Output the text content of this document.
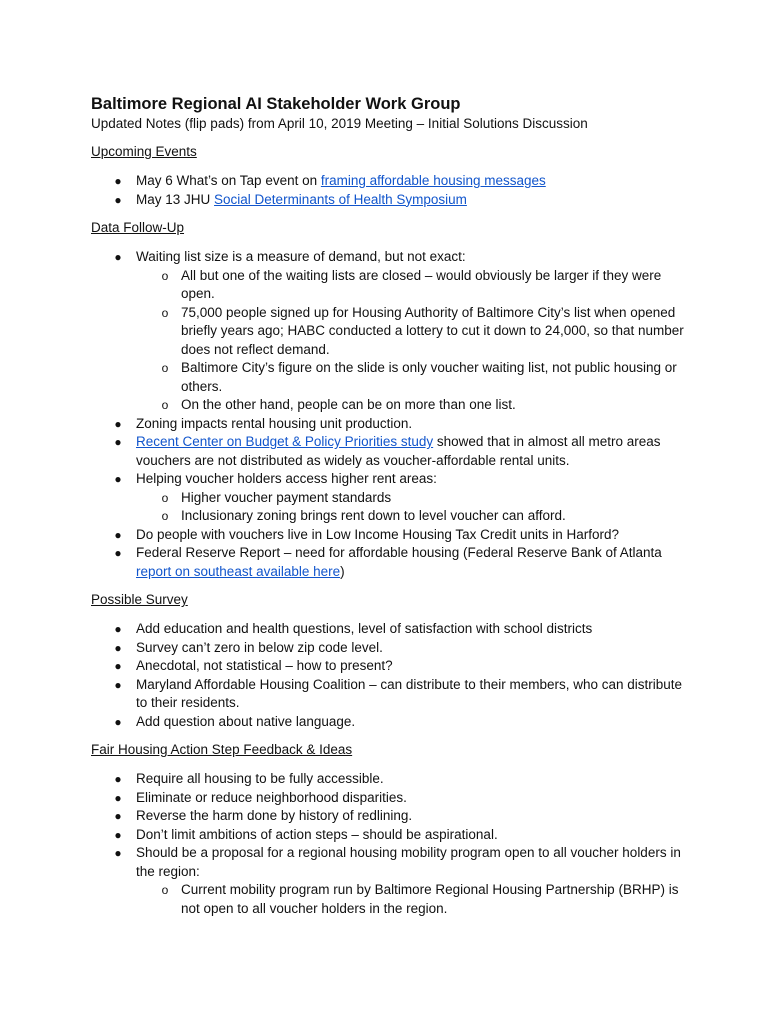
Baltimore Regional AI Stakeholder Work Group

Updated Notes (flip pads) from April 10, 2019 Meeting – Initial Solutions Discussion

Upcoming Events

● May 6 What’s on Tap event on framing affordable housing messages
● May 13 JHU Social Determinants of Health Symposium

Data Follow-Up

● Waiting list size is a measure of demand, but not exact:
o All but one of the waiting lists are closed – would obviously be larger if they were open.
o 75,000 people signed up for Housing Authority of Baltimore City’s list when opened briefly years ago; HABC conducted a lottery to cut it down to 24,000, so that number does not reflect demand.
o Baltimore City’s figure on the slide is only voucher waiting list, not public housing or others.
o On the other hand, people can be on more than one list.
● Zoning impacts rental housing unit production.
● Recent Center on Budget & Policy Priorities study showed that in almost all metro areas vouchers are not distributed as widely as voucher-affordable rental units.
● Helping voucher holders access higher rent areas:
o Higher voucher payment standards
o Inclusionary zoning brings rent down to level voucher can afford.
● Do people with vouchers live in Low Income Housing Tax Credit units in Harford?
● Federal Reserve Report – need for affordable housing (Federal Reserve Bank of Atlanta report on southeast available here)

Possible Survey

● Add education and health questions, level of satisfaction with school districts
● Survey can’t zero in below zip code level.
● Anecdotal, not statistical – how to present?
● Maryland Affordable Housing Coalition – can distribute to their members, who can distribute to their residents.
● Add question about native language.

Fair Housing Action Step Feedback & Ideas

● Require all housing to be fully accessible.
● Eliminate or reduce neighborhood disparities.
● Reverse the harm done by history of redlining.
● Don’t limit ambitions of action steps – should be aspirational.
● Should be a proposal for a regional housing mobility program open to all voucher holders in the region:
o Current mobility program run by Baltimore Regional Housing Partnership (BRHP) is not open to all voucher holders in the region.
